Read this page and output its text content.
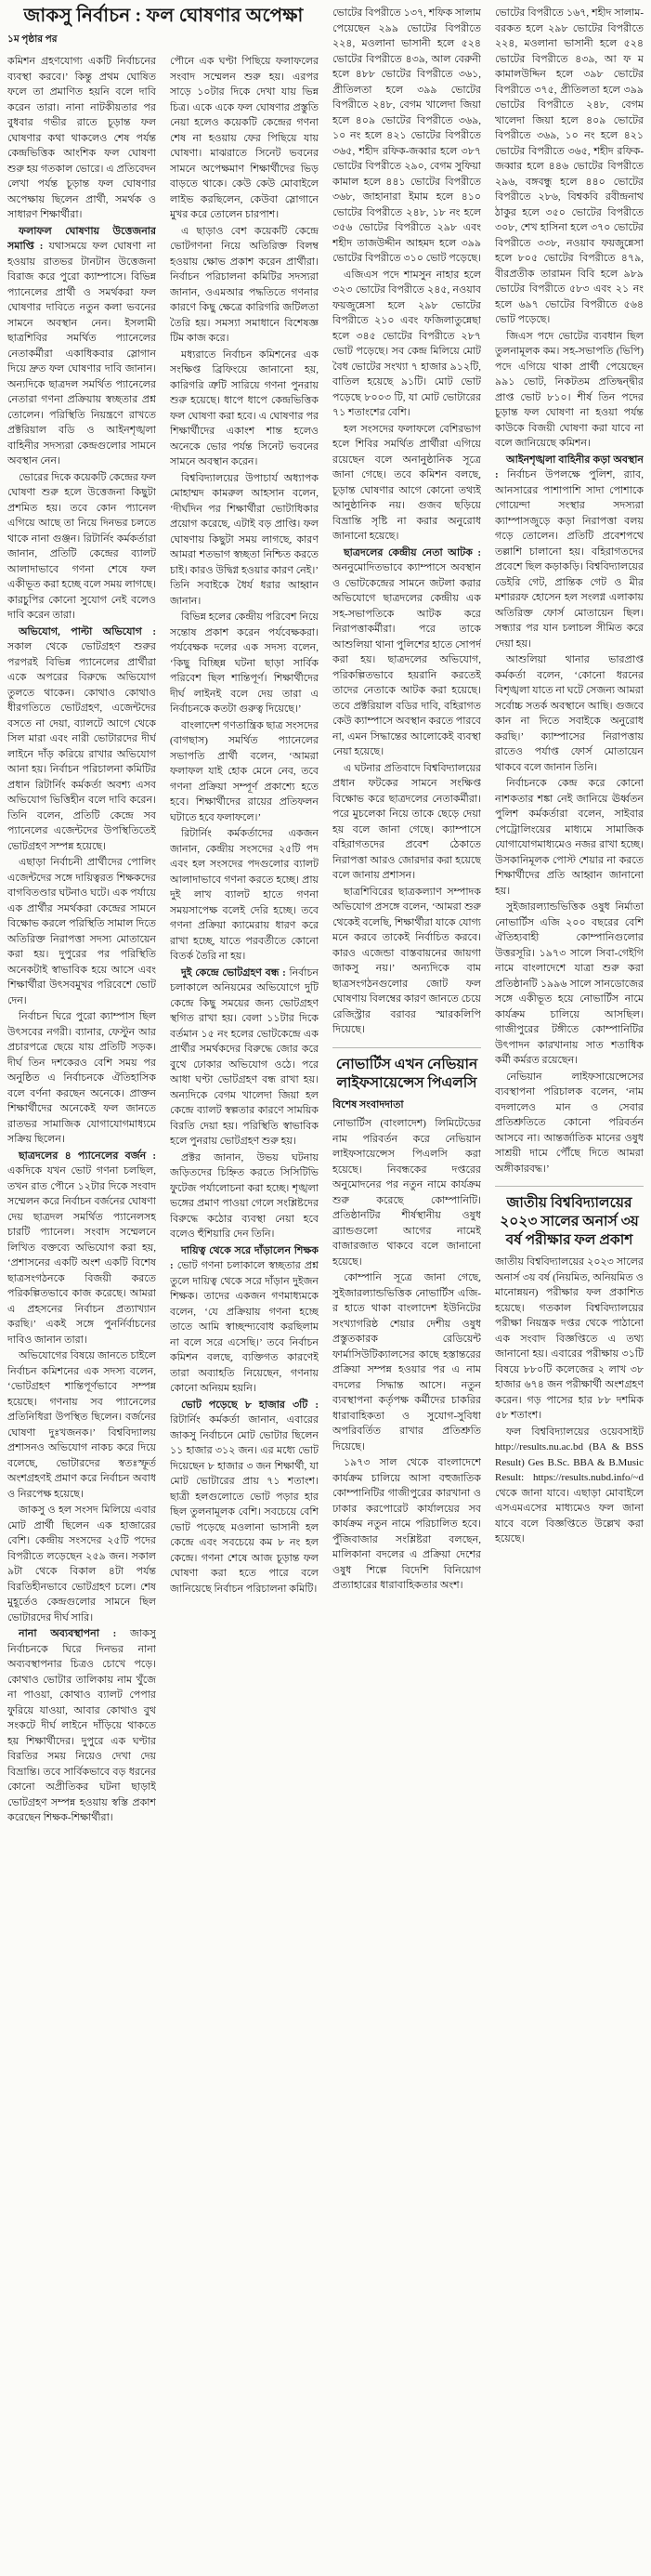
জাকসু নির্বাচন : ফল ঘোষণার অপেক্ষা
১ম পৃষ্ঠার পর

কমিশন গ্রহণযোগ্য একটি নির্বাচনের ব্যবস্থা করবে।’ কিন্তু প্রথম ঘোষিত ফলে তা প্রমাণিত হয়নি বলে দাবি করেন তারা। নানা নাটকীয়তার পর বুধবার গভীর রাতে চূড়ান্ত ফল ঘোষণার কথা থাকলেও শেষ পর্যন্ত কেন্দ্রভিত্তিক আংশিক ফল ঘোষণা শুরু হয় গতকাল ভোরে। এ প্রতিবেদন লেখা পর্যন্ত চূড়ান্ত ফল ঘোষণার অপেক্ষায় ছিলেন প্রার্থী, সমর্থক ও সাধারণ শিক্ষার্থীরা।

ফলাফল ঘোষণায় উত্তেজনার সমাপ্তি : যথাসময়ে ফল ঘোষণা না হওয়ায় রাতভর টানটান উত্তেজনা বিরাজ করে পুরো ক্যাম্পাসে। বিভিন্ন প্যানেলের প্রার্থী ও সমর্থকরা ফল ঘোষণার দাবিতে নতুন কলা ভবনের সামনে অবস্থান নেন। ইসলামী ছাত্রশিবির সমর্থিত প্যানেলের নেতাকর্মীরা একাধিকবার স্লোগান দিয়ে দ্রুত ফল ঘোষণার দাবি জানান। অন্যদিকে ছাত্রদল সমর্থিত প্যানেলের নেতারা গণনা প্রক্রিয়ায় স্বচ্ছতার প্রশ্ন তোলেন। পরিস্থিতি নিয়ন্ত্রণে রাখতে প্রক্টরিয়াল বডি ও আইনশৃঙ্খলা বাহিনীর সদস্যরা কেন্দ্রগুলোর সামনে অবস্থান নেন।

ভোরের দিকে কয়েকটি কেন্দ্রের ফল ঘোষণা শুরু হলে উত্তেজনা কিছুটা প্রশমিত হয়। তবে কোন প্যানেল এগিয়ে আছে তা নিয়ে দিনভর চলতে থাকে নানা গুঞ্জন। রিটার্নিং কর্মকর্তারা জানান, প্রতিটি কেন্দ্রের ব্যালট আলাদাভাবে গণনা শেষে ফল একীভূত করা হচ্ছে বলে সময় লাগছে। কারচুপির কোনো সুযোগ নেই বলেও দাবি করেন তারা।

অভিযোগ, পাল্টা অভিযোগ : সকাল থেকে ভোটগ্রহণ শুরুর পরপরই বিভিন্ন প্যানেলের প্রার্থীরা একে অপরের বিরুদ্ধে অভিযোগ তুলতে থাকেন। কোথাও কোথাও ধীরগতিতে ভোটগ্রহণ, এজেন্টদের বসতে না দেয়া, ব্যালটে আগে থেকে সিল মারা এবং নারী ভোটারদের দীর্ঘ লাইনে দাঁড় করিয়ে রাখার অভিযোগ আনা হয়। নির্বাচন পরিচালনা কমিটির প্রধান রিটার্নিং কর্মকর্তা অবশ্য এসব অভিযোগ ভিত্তিহীন বলে দাবি করেন। তিনি বলেন, প্রতিটি কেন্দ্রে সব প্যানেলের এজেন্টদের উপস্থিতিতেই ভোটগ্রহণ সম্পন্ন হয়েছে।

এছাড়া নির্বাচনী প্রার্থীদের পোলিং এজেন্টদের সঙ্গে দায়িত্বরত শিক্ষকদের বাগবিতণ্ডার ঘটনাও ঘটে। এক পর্যায়ে এক প্রার্থীর সমর্থকরা কেন্দ্রের সামনে বিক্ষোভ করলে পরিস্থিতি সামাল দিতে অতিরিক্ত নিরাপত্তা সদস্য মোতায়েন করা হয়। দুপুরের পর পরিস্থিতি অনেকটাই স্বাভাবিক হয়ে আসে এবং শিক্ষার্থীরা উৎসবমুখর পরিবেশে ভোট দেন।

নির্বাচন ঘিরে পুরো ক্যাম্পাস ছিল উৎসবের নগরী। ব্যানার, ফেস্টুন আর প্রচারপত্রে ছেয়ে যায় প্রতিটি সড়ক। দীর্ঘ তিন দশকেরও বেশি সময় পর অনুষ্ঠিত এ নির্বাচনকে ঐতিহাসিক বলে বর্ণনা করছেন অনেকে। প্রাক্তন শিক্ষার্থীদের অনেকেই ফল জানতে রাতভর সামাজিক যোগাযোগমাধ্যমে সক্রিয় ছিলেন।

ছাত্রদলের ৪ প্যানেলের বর্জন : একদিকে যখন ভোট গণনা চলছিল, তখন রাত পৌনে ১২টার দিকে সংবাদ সম্মেলন করে নির্বাচন বর্জনের ঘোষণা দেয় ছাত্রদল সমর্থিত প্যানেলসহ চারটি প্যানেল। সংবাদ সম্মেলনে লিখিত বক্তব্যে অভিযোগ করা হয়, ‘প্রশাসনের একটি অংশ একটি বিশেষ ছাত্রসংগঠনকে বিজয়ী করতে পরিকল্পিতভাবে কাজ করেছে। আমরা এ প্রহসনের নির্বাচন প্রত্যাখ্যান করছি।’ একই সঙ্গে পুনর্নির্বাচনের দাবিও জানান তারা।

অভিযোগের বিষয়ে জানতে চাইলে নির্বাচন কমিশনের এক সদস্য বলেন, ‘ভোটগ্রহণ শান্তিপূর্ণভাবে সম্পন্ন হয়েছে। গণনায় সব প্যানেলের প্রতিনিধিরা উপস্থিত ছিলেন। বর্জনের ঘোষণা দুঃখজনক।’ বিশ্ববিদ্যালয় প্রশাসনও অভিযোগ নাকচ করে দিয়ে বলেছে, ভোটারদের স্বতঃস্ফূর্ত অংশগ্রহণই প্রমাণ করে নির্বাচন অবাধ ও নিরপেক্ষ হয়েছে।

জাকসু ও হল সংসদ মিলিয়ে এবার মোট প্রার্থী ছিলেন এক হাজারের বেশি। কেন্দ্রীয় সংসদের ২৫টি পদের বিপরীতে লড়েছেন ২৫৯ জন। সকাল ৯টা থেকে বিকাল ৪টা পর্যন্ত বিরতিহীনভাবে ভোটগ্রহণ চলে। শেষ মুহূর্তেও কেন্দ্রগুলোর সামনে ছিল ভোটারদের দীর্ঘ সারি।

নানা অব্যবস্থাপনা : জাকসু নির্বাচনকে ঘিরে দিনভর নানা অব্যবস্থাপনার চিত্রও চোখে পড়ে। কোথাও ভোটার তালিকায় নাম খুঁজে না পাওয়া, কোথাও ব্যালট পেপার ফুরিয়ে যাওয়া, আবার কোথাও বুথ সংকটে দীর্ঘ লাইনে দাঁড়িয়ে থাকতে হয় শিক্ষার্থীদের। দুপুরে এক ঘণ্টার বিরতির সময় নিয়েও দেখা দেয় বিভ্রান্তি। তবে সার্বিকভাবে বড় ধরনের কোনো অপ্রীতিকর ঘটনা ছাড়াই ভোটগ্রহণ সম্পন্ন হওয়ায় স্বস্তি প্রকাশ করেছেন শিক্ষক-শিক্ষার্থীরা।

পৌনে এক ঘণ্টা পিছিয়ে ফলাফলের সংবাদ সম্মেলন শুরু হয়। এরপর সাড়ে ১০টার দিকে দেখা যায় ভিন্ন চিত্র। একে একে ফল ঘোষণার প্রস্তুতি নেয়া হলেও কয়েকটি কেন্দ্রের গণনা শেষ না হওয়ায় ফের পিছিয়ে যায় ঘোষণা। মাঝরাতে সিনেট ভবনের সামনে অপেক্ষমাণ শিক্ষার্থীদের ভিড় বাড়তে থাকে। কেউ কেউ মোবাইলে লাইভ করছিলেন, কেউবা স্লোগানে মুখর করে তোলেন চারপাশ।

এ ছাড়াও বেশ কয়েকটি কেন্দ্রে ভোটগণনা নিয়ে অতিরিক্ত বিলম্ব হওয়ায় ক্ষোভ প্রকাশ করেন প্রার্থীরা। নির্বাচন পরিচালনা কমিটির সদস্যরা জানান, ওএমআর পদ্ধতিতে গণনার কারণে কিছু ক্ষেত্রে কারিগরি জটিলতা তৈরি হয়। সমস্যা সমাধানে বিশেষজ্ঞ টিম কাজ করে।

মধ্যরাতে নির্বাচন কমিশনের এক সংক্ষিপ্ত ব্রিফিংয়ে জানানো হয়, কারিগরি ত্রুটি সারিয়ে গণনা পুনরায় শুরু হয়েছে। ধাপে ধাপে কেন্দ্রভিত্তিক ফল ঘোষণা করা হবে। এ ঘোষণার পর শিক্ষার্থীদের একাংশ শান্ত হলেও অনেকে ভোর পর্যন্ত সিনেট ভবনের সামনে অবস্থান করেন।

বিশ্ববিদ্যালয়ের উপাচার্য অধ্যাপক মোহাম্মদ কামরুল আহসান বলেন, ‘দীর্ঘদিন পর শিক্ষার্থীরা ভোটাধিকার প্রয়োগ করেছে, এটাই বড় প্রাপ্তি। ফল ঘোষণায় কিছুটা সময় লাগছে, কারণ আমরা শতভাগ স্বচ্ছতা নিশ্চিত করতে চাই। কারও উদ্বিগ্ন হওয়ার কারণ নেই।’ তিনি সবাইকে ধৈর্য ধরার আহ্বান জানান।

বিভিন্ন হলের কেন্দ্রীয় পরিবেশ নিয়ে সন্তোষ প্রকাশ করেন পর্যবেক্ষকরা। পর্যবেক্ষক দলের এক সদস্য বলেন, ‘কিছু বিচ্ছিন্ন ঘটনা ছাড়া সার্বিক পরিবেশ ছিল শান্তিপূর্ণ। শিক্ষার্থীদের দীর্ঘ লাইনই বলে দেয় তারা এ নির্বাচনকে কতটা গুরুত্ব দিয়েছে।’

বাংলাদেশ গণতান্ত্রিক ছাত্র সংসদের (বাগছাস) সমর্থিত প্যানেলের সভাপতি প্রার্থী বলেন, ‘আমরা ফলাফল যাই হোক মেনে নেব, তবে গণনা প্রক্রিয়া সম্পূর্ণ প্রকাশ্যে হতে হবে। শিক্ষার্থীদের রায়ের প্রতিফলন ঘটাতে হবে ফলাফলে।’

রিটার্নিং কর্মকর্তাদের একজন জানান, কেন্দ্রীয় সংসদের ২৫টি পদ এবং হল সংসদের পদগুলোর ব্যালট আলাদাভাবে গণনা করতে হচ্ছে। প্রায় দুই লাখ ব্যালট হাতে গণনা সময়সাপেক্ষ বলেই দেরি হচ্ছে। তবে গণনা প্রক্রিয়া ক্যামেরায় ধারণ করে রাখা হচ্ছে, যাতে পরবর্তীতে কোনো বিতর্ক তৈরি না হয়।

দুই কেন্দ্রে ভোটগ্রহণ বন্ধ : নির্বাচন চলাকালে অনিয়মের অভিযোগে দুটি কেন্দ্রে কিছু সময়ের জন্য ভোটগ্রহণ স্থগিত রাখা হয়। বেলা ১১টার দিকে বর্তমান ১৫ নং হলের ভোটকেন্দ্রে এক প্রার্থীর সমর্থকদের বিরুদ্ধে জোর করে বুথে ঢোকার অভিযোগ ওঠে। পরে আধা ঘণ্টা ভোটগ্রহণ বন্ধ রাখা হয়। অন্যদিকে বেগম খালেদা জিয়া হল কেন্দ্রে ব্যালট স্বল্পতার কারণে সাময়িক বিরতি দেয়া হয়। পরিস্থিতি স্বাভাবিক হলে পুনরায় ভোটগ্রহণ শুরু হয়।

প্রক্টর জানান, উভয় ঘটনায় জড়িতদের চিহ্নিত করতে সিসিটিভি ফুটেজ পর্যালোচনা করা হচ্ছে। শৃঙ্খলা ভঙ্গের প্রমাণ পাওয়া গেলে সংশ্লিষ্টদের বিরুদ্ধে কঠোর ব্যবস্থা নেয়া হবে বলেও হুঁশিয়ারি দেন তিনি।

দায়িত্ব থেকে সরে দাঁড়ালেন শিক্ষক : ভোট গণনা চলাকালে স্বচ্ছতার প্রশ্ন তুলে দায়িত্ব থেকে সরে দাঁড়ান দুইজন শিক্ষক। তাদের একজন গণমাধ্যমকে বলেন, ‘যে প্রক্রিয়ায় গণনা হচ্ছে তাতে আমি স্বাচ্ছন্দ্যবোধ করছিলাম না বলে সরে এসেছি।’ তবে নির্বাচন কমিশন বলছে, ব্যক্তিগত কারণেই তারা অব্যাহতি নিয়েছেন, গণনায় কোনো অনিয়ম হয়নি।

ভোট পড়েছে ৮ হাজার ৩টি : রিটার্নিং কর্মকর্তা জানান, এবারের জাকসু নির্বাচনে মোট ভোটার ছিলেন ১১ হাজার ৩১২ জন। এর মধ্যে ভোট দিয়েছেন ৮ হাজার ৩ জন শিক্ষার্থী, যা মোট ভোটারের প্রায় ৭১ শতাংশ। ছাত্রী হলগুলোতে ভোট পড়ার হার ছিল তুলনামূলক বেশি। সবচেয়ে বেশি ভোট পড়েছে মওলানা ভাসানী হল কেন্দ্রে এবং সবচেয়ে কম ৮ নং হল কেন্দ্রে। গণনা শেষে আজ চূড়ান্ত ফল ঘোষণা করা হতে পারে বলে জানিয়েছে নির্বাচন পরিচালনা কমিটি।

ভোটের বিপরীতে ১৩৭, শফিক সালাম পেয়েছেন ২৯৯ ভোটের বিপরীতে ২২৪, মওলানা ভাসানী হলে ৫২৪ ভোটের বিপরীতে ৪৩৯, আল বেরুনী হলে ৪৮৮ ভোটের বিপরীতে ৩৬১, প্রীতিলতা হলে ৩৯৯ ভোটের বিপরীতে ২৪৮, বেগম খালেদা জিয়া হলে ৪০৯ ভোটের বিপরীতে ৩৬৯, ১০ নং হলে ৪২১ ভোটের বিপরীতে ৩৬৫, শহীদ রফিক-জব্বার হলে ৩৮৭ ভোটের বিপরীতে ২৯০, বেগম সুফিয়া কামাল হলে ৪৪১ ভোটের বিপরীতে ৩৬৮, জাহানারা ইমাম হলে ৪১০ ভোটের বিপরীতে ২৪৮, ১৮ নং হলে ৩৫৬ ভোটের বিপরীতে ২৯৮ এবং শহীদ তাজউদ্দীন আহমদ হলে ৩৯৯ ভোটের বিপরীতে ৩১০ ভোট পড়েছে।

এজিএস পদে শামসুন নাহার হলে ৩২৩ ভোটের বিপরীতে ২৪৫, নওয়াব ফয়জুন্নেসা হলে ২৯৮ ভোটের বিপরীতে ২১০ এবং ফজিলাতুন্নেছা হলে ৩৪৫ ভোটের বিপরীতে ২৮৭ ভোট পড়েছে। সব কেন্দ্র মিলিয়ে মোট বৈধ ভোটের সংখ্যা ৭ হাজার ৯১২টি, বাতিল হয়েছে ৯১টি। মোট ভোট পড়েছে ৮০০৩ টি, যা মোট ভোটারের ৭১ শতাংশের বেশি।

হল সংসদের ফলাফলে বেশিরভাগ হলে শিবির সমর্থিত প্রার্থীরা এগিয়ে রয়েছেন বলে অনানুষ্ঠানিক সূত্রে জানা গেছে। তবে কমিশন বলছে, চূড়ান্ত ঘোষণার আগে কোনো তথ্যই আনুষ্ঠানিক নয়। গুজব ছড়িয়ে বিভ্রান্তি সৃষ্টি না করার অনুরোধ জানানো হয়েছে।

ছাত্রদলের কেন্দ্রীয় নেতা আটক : অননুমোদিতভাবে ক্যাম্পাসে অবস্থান ও ভোটকেন্দ্রের সামনে জটলা করার অভিযোগে ছাত্রদলের কেন্দ্রীয় এক সহ-সভাপতিকে আটক করে নিরাপত্তাকর্মীরা। পরে তাকে আশুলিয়া থানা পুলিশের হাতে সোপর্দ করা হয়। ছাত্রদলের অভিযোগ, পরিকল্পিতভাবে হয়রানি করতেই তাদের নেতাকে আটক করা হয়েছে। তবে প্রক্টরিয়াল বডির দাবি, বহিরাগত কেউ ক্যাম্পাসে অবস্থান করতে পারবে না, এমন সিদ্ধান্তের আলোকেই ব্যবস্থা নেয়া হয়েছে।

এ ঘটনার প্রতিবাদে বিশ্ববিদ্যালয়ের প্রধান ফটকের সামনে সংক্ষিপ্ত বিক্ষোভ করে ছাত্রদলের নেতাকর্মীরা। পরে মুচলেকা নিয়ে তাকে ছেড়ে দেয়া হয় বলে জানা গেছে। ক্যাম্পাসে বহিরাগতদের প্রবেশ ঠেকাতে নিরাপত্তা আরও জোরদার করা হয়েছে বলে জানায় প্রশাসন।

ছাত্রশিবিরের ছাত্রকল্যাণ সম্পাদক অভিযোগ প্রসঙ্গে বলেন, ‘আমরা শুরু থেকেই বলেছি, শিক্ষার্থীরা যাকে যোগ্য মনে করবে তাকেই নির্বাচিত করবে। কারও এজেন্ডা বাস্তবায়নের জায়গা জাকসু নয়।’ অন্যদিকে বাম ছাত্রসংগঠনগুলোর জোট ফল ঘোষণায় বিলম্বের কারণ জানতে চেয়ে রেজিস্ট্রার বরাবর স্মারকলিপি দিয়েছে।

নোভার্টিস এখন নেভিয়ান লাইফসায়েন্সেস পিএলসি

বিশেষ সংবাদদাতা

নোভার্টিস (বাংলাদেশ) লিমিটেডের নাম পরিবর্তন করে নেভিয়ান লাইফসায়েন্সেস পিএলসি করা হয়েছে। নিবন্ধকের দপ্তরের অনুমোদনের পর নতুন নামে কার্যক্রম শুরু করেছে কোম্পানিটি। প্রতিষ্ঠানটির শীর্ষস্থানীয় ওষুধ ব্র্যান্ডগুলো আগের নামেই বাজারজাত থাকবে বলে জানানো হয়েছে।

কোম্পানি সূত্রে জানা গেছে, সুইজারল্যান্ডভিত্তিক নোভার্টিস এজি-র হাতে থাকা বাংলাদেশ ইউনিটের সংখ্যাগরিষ্ঠ শেয়ার দেশীয় ওষুধ প্রস্তুতকারক রেডিয়েন্ট ফার্মাসিউটিক্যালসের কাছে হস্তান্তরের প্রক্রিয়া সম্পন্ন হওয়ার পর এ নাম বদলের সিদ্ধান্ত আসে। নতুন ব্যবস্থাপনা কর্তৃপক্ষ কর্মীদের চাকরির ধারাবাহিকতা ও সুযোগ-সুবিধা অপরিবর্তিত রাখার প্রতিশ্রুতি দিয়েছে।

১৯৭৩ সাল থেকে বাংলাদেশে কার্যক্রম চালিয়ে আসা বহুজাতিক কোম্পানিটির গাজীপুরের কারখানা ও ঢাকার করপোরেট কার্যালয়ের সব কার্যক্রম নতুন নামে পরিচালিত হবে। পুঁজিবাজার সংশ্লিষ্টরা বলছেন, মালিকানা বদলের এ প্রক্রিয়া দেশের ওষুধ শিল্পে বিদেশি বিনিয়োগ প্রত্যাহারের ধারাবাহিকতার অংশ।

ভোটের বিপরীতে ১৬৭, শহীদ সালাম-বরকত হলে ২৯৮ ভোটের বিপরীতে ২২৪, মওলানা ভাসানী হলে ৫২৪ ভোটের বিপরীতে ৪৩৯, আ ফ ম কামালউদ্দিন হলে ৩৯৮ ভোটের বিপরীতে ৩৭৫, প্রীতিলতা হলে ৩৯৯ ভোটের বিপরীতে ২৪৮, বেগম খালেদা জিয়া হলে ৪০৯ ভোটের বিপরীতে ৩৬৯, ১০ নং হলে ৪২১ ভোটের বিপরীতে ৩৬৫, শহীদ রফিক-জব্বার হলে ৪৪৬ ভোটের বিপরীতে ২৯৬, বঙ্গবন্ধু হলে ৪৪০ ভোটের বিপরীতে ২৮৬, বিশ্বকবি রবীন্দ্রনাথ ঠাকুর হলে ৩৫০ ভোটের বিপরীতে ৩০৮, শেখ হাসিনা হলে ৩৭০ ভোটের বিপরীতে ৩৩৮, নওয়াব ফয়জুন্নেসা হলে ৮০৫ ভোটের বিপরীতে ৪৭৯, বীরপ্রতীক তারামন বিবি হলে ৯৮৯ ভোটের বিপরীতে ৫৮৩ এবং ২১ নং হলে ৬৯৭ ভোটের বিপরীতে ৫৬৪ ভোট পড়েছে।

জিএস পদে ভোটের ব্যবধান ছিল তুলনামূলক কম। সহ-সভাপতি (ভিপি) পদে এগিয়ে থাকা প্রার্থী পেয়েছেন ৯৯১ ভোট, নিকটতম প্রতিদ্বন্দ্বীর প্রাপ্ত ভোট ৮১০। শীর্ষ তিন পদের চূড়ান্ত ফল ঘোষণা না হওয়া পর্যন্ত কাউকে বিজয়ী ঘোষণা করা যাবে না বলে জানিয়েছে কমিশন।

আইনশৃঙ্খলা বাহিনীর কড়া অবস্থান : নির্বাচন উপলক্ষে পুলিশ, র‍্যাব, আনসারের পাশাপাশি সাদা পোশাকে গোয়েন্দা সংস্থার সদস্যরা ক্যাম্পাসজুড়ে কড়া নিরাপত্তা বলয় গড়ে তোলেন। প্রতিটি প্রবেশপথে তল্লাশি চালানো হয়। বহিরাগতদের প্রবেশে ছিল কড়াকড়ি। বিশ্ববিদ্যালয়ের ডেইরি গেট, প্রান্তিক গেট ও মীর মশাররফ হোসেন হল সংলগ্ন এলাকায় অতিরিক্ত ফোর্স মোতায়েন ছিল। সন্ধ্যার পর যান চলাচল সীমিত করে দেয়া হয়।

আশুলিয়া থানার ভারপ্রাপ্ত কর্মকর্তা বলেন, ‘কোনো ধরনের বিশৃঙ্খলা যাতে না ঘটে সেজন্য আমরা সর্বোচ্চ সতর্ক অবস্থানে আছি। গুজবে কান না দিতে সবাইকে অনুরোধ করছি।’ ক্যাম্পাসের নিরাপত্তায় রাতেও পর্যাপ্ত ফোর্স মোতায়েন থাকবে বলে জানান তিনি।

নির্বাচনকে কেন্দ্র করে কোনো নাশকতার শঙ্কা নেই জানিয়ে ঊর্ধ্বতন পুলিশ কর্মকর্তারা বলেন, সাইবার পেট্রোলিংয়ের মাধ্যমে সামাজিক যোগাযোগমাধ্যমেও নজর রাখা হচ্ছে। উসকানিমূলক পোস্ট শেয়ার না করতে শিক্ষার্থীদের প্রতি আহ্বান জানানো হয়।

সুইজারল্যান্ডভিত্তিক ওষুধ নির্মাতা নোভার্টিস এজি ২০০ বছরের বেশি ঐতিহ্যবাহী কোম্পানিগুলোর উত্তরসূরি। ১৯৭৩ সালে সিবা-গেইগি নামে বাংলাদেশে যাত্রা শুরু করা প্রতিষ্ঠানটি ১৯৯৬ সালে সানডোজের সঙ্গে একীভূত হয়ে নোভার্টিস নামে কার্যক্রম চালিয়ে আসছিল। গাজীপুরের টঙ্গীতে কোম্পানিটির উৎপাদন কারখানায় সাত শতাধিক কর্মী কর্মরত রয়েছেন।

নেভিয়ান লাইফসায়েন্সেসের ব্যবস্থাপনা পরিচালক বলেন, ‘নাম বদলালেও মান ও সেবার প্রতিশ্রুতিতে কোনো পরিবর্তন আসবে না। আন্তর্জাতিক মানের ওষুধ সাশ্রয়ী দামে পৌঁছে দিতে আমরা অঙ্গীকারবদ্ধ।’

জাতীয় বিশ্ববিদ্যালয়ের ২০২৩ সালের অনার্স ৩য় বর্ষ পরীক্ষার ফল প্রকাশ

জাতীয় বিশ্ববিদ্যালয়ের ২০২৩ সালের অনার্স ৩য় বর্ষ (নিয়মিত, অনিয়মিত ও মানোন্নয়ন) পরীক্ষার ফল প্রকাশিত হয়েছে। গতকাল বিশ্ববিদ্যালয়ের পরীক্ষা নিয়ন্ত্রক দপ্তর থেকে পাঠানো এক সংবাদ বিজ্ঞপ্তিতে এ তথ্য জানানো হয়। এবারের পরীক্ষায় ৩১টি বিষয়ে ৮৮০টি কলেজের ২ লাখ ৩৮ হাজার ৬৭৪ জন পরীক্ষার্থী অংশগ্রহণ করেন। গড় পাসের হার ৮৮ দশমিক ৫৮ শতাংশ।

ফল বিশ্ববিদ্যালয়ের ওয়েবসাইট http://results.nu.ac.bd (BA & BSS Result) Ges B.Sc. BBA & B.Music Result: https://results.nubd.info/~d থেকে জানা যাবে। এছাড়া মোবাইলে এসএমএসের মাধ্যমেও ফল জানা যাবে বলে বিজ্ঞপ্তিতে উল্লেখ করা হয়েছে।
